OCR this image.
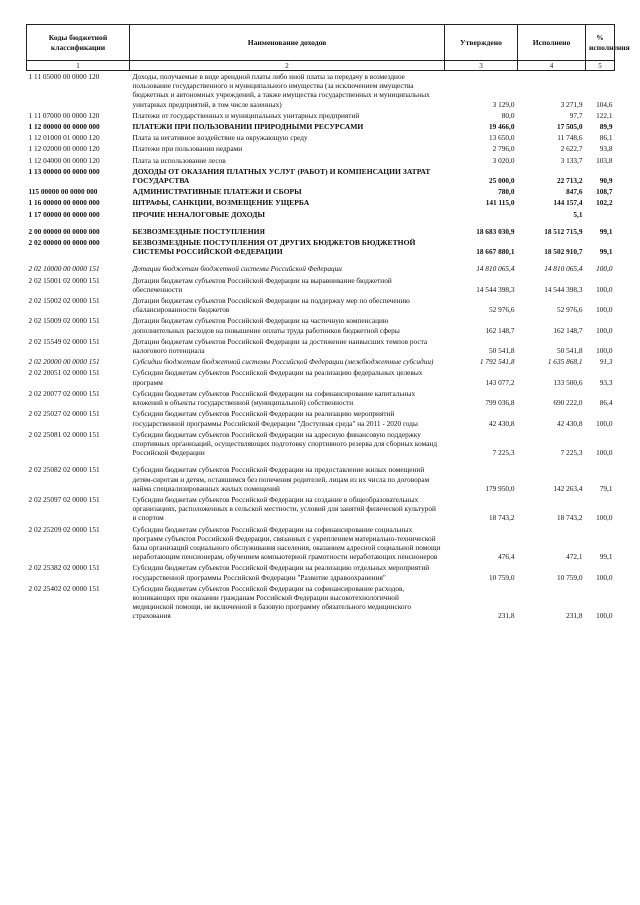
Коды бюджетной классификации	Наименование доходов	Утверждено	Исполнено	% исполнения
1	2	3	4	5
1 11 05000 00 0000 120	Доходы, получаемые в виде арендной платы либо иной платы за передачу в возмездное пользование государственного и муниципального имущества (за исключением имущества бюджетных и автономных учреждений, а также имущества государственных и муниципальных унитарных предприятий, в том числе казенных)	3 129,0	3 271,9	104,6
1 11 07000 00 0000 120	Платежи от государственных и муниципальных унитарных предприятий	80,0	97,7	122,1
1 12 00000 00 0000 000	ПЛАТЕЖИ ПРИ ПОЛЬЗОВАНИИ ПРИРОДНЫМИ РЕСУРСАМИ	19 466,0	17 505,0	89,9
1 12 01000 01 0000 120	Плата за негативное воздействие на окружающую среду	13 650,0	11 748,6	86,1
1 12 02000 00 0000 120	Платежи при пользовании недрами	2 796,0	2 622,7	93,8
1 12 04000 00 0000 120	Плата за использование лесов	3 020,0	3 133,7	103,8
1 13 00000 00 0000 000	ДОХОДЫ ОТ ОКАЗАНИЯ ПЛАТНЫХ УСЛУГ (РАБОТ) И КОМПЕНСАЦИИ ЗАТРАТ ГОСУДАРСТВА	25 000,0	22 713,2	90,9
115 00000 00 0000 000	АДМИНИСТРАТИВНЫЕ ПЛАТЕЖИ И СБОРЫ	780,0	847,6	108,7
1 16 00000 00 0000 000	ШТРАФЫ, САНКЦИИ, ВОЗМЕЩЕНИЕ УЩЕРБА	141 115,0	144 157,4	102,2
1 17 00000 00 0000 000	ПРОЧИЕ НЕНАЛОГОВЫЕ ДОХОДЫ		5,1	
2 00 00000 00 0000 000	БЕЗВОЗМЕЗДНЫЕ ПОСТУПЛЕНИЯ	18 683 030,9	18 512 715,9	99,1
2 02 00000 00 0000 000	БЕЗВОЗМЕЗДНЫЕ ПОСТУПЛЕНИЯ ОТ ДРУГИХ БЮДЖЕТОВ БЮДЖЕТНОЙ СИСТЕМЫ РОССИЙСКОЙ ФЕДЕРАЦИИ	18 667 880,1	18 502 910,7	99,1
2 02 10000 00 0000 151	Дотации бюджетам бюджетной системы Российской Федерации	14 810 065,4	14 810 065,4	100,0
2 02 15001 02 0000 151	Дотации бюджетам субъектов Российской Федерации на выравнивание бюджетной обеспеченности	14 544 398,3	14 544 398,3	100,0
2 02 15002 02 0000 151	Дотации бюджетам субъектов Российской Федерации на поддержку мер по обеспечению сбалансированности бюджетов	52 976,6	52 976,6	100,0
2 02 15009 02 0000 151	Дотации бюджетам субъектов Российской Федерации на частичную компенсацию дополнительных расходов на повышение оплаты труда работников бюджетной сферы	162 148,7	162 148,7	100,0
2 02 15549 02 0000 151	Дотации бюджетам субъектов Российской Федерации за достижение наивысших темпов роста налогового потенциала	50 541,8	50 541,8	100,0
2 02 20000 00 0000 151	Субсидии бюджетам бюджетной системы Российской Федерации (межбюджетные субсидии)	1 792 541,8	1 635 868,1	91,3
2 02 20051 02 0000 151	Субсидии бюджетам субъектов Российской Федерации на реализацию федеральных целевых программ	143 077,2	133 500,6	93,3
2 02 20077 02 0000 151	Субсидии бюджетам субъектов Российской Федерации на софинансирование капитальных вложений в объекты государственной (муниципальной) собственности	799 036,8	690 222,0	86,4
2 02 25027 02 0000 151	Субсидии бюджетам субъектов Российской Федерации на реализацию мероприятий государственной программы Российской Федерации "Доступная среда" на 2011 - 2020 годы	42 430,8	42 430,8	100,0
2 02 25081 02 0000 151	Субсидии бюджетам субъектов Российской Федерации на адресную финансовую поддержку спортивных организаций, осуществляющих подготовку спортивного резерва для сборных команд Российской Федерации	7 225,3	7 225,3	100,0
2 02 25082 02 0000 151	Субсидии бюджетам субъектов Российской Федерации на предоставление жилых помещений детям-сиротам и детям, оставшимся без попечения родителей, лицам из их числа по договорам найма специализированных жилых помещений	179 950,0	142 263,4	79,1
2 02 25097 02 0000 151	Субсидии бюджетам субъектов Российской Федерации на создание в общеобразовательных организациях, расположенных в сельской местности, условий для занятий физической культурой и спортом	18 743,2	18 743,2	100,0
2 02 25209 02 0000 151	Субсидии бюджетам субъектов Российской Федерации на софинансирование социальных программ субъектов Российской Федерации, связанных с укреплением материально-технической базы организаций социального обслуживания населения, оказанием адресной социальной помощи неработающим пенсионерам, обучением компьютерной грамотности неработающих пенсионеров	476,4	472,1	99,1
2 02 25382 02 0000 151	Субсидии бюджетам субъектов Российской Федерации на реализацию отдельных мероприятий государственной программы Российской Федерации "Развитие здравоохранения"	10 759,0	10 759,0	100,0
2 02 25402 02 0000 151	Субсидии бюджетам субъектов Российской Федерации на софинансирование расходов, возникающих при оказании гражданам Российской Федерации высокотехнологичной медицинской помощи, не включенной в базовую программу обязательного медицинского страхования	231,8	231,8	100,0
